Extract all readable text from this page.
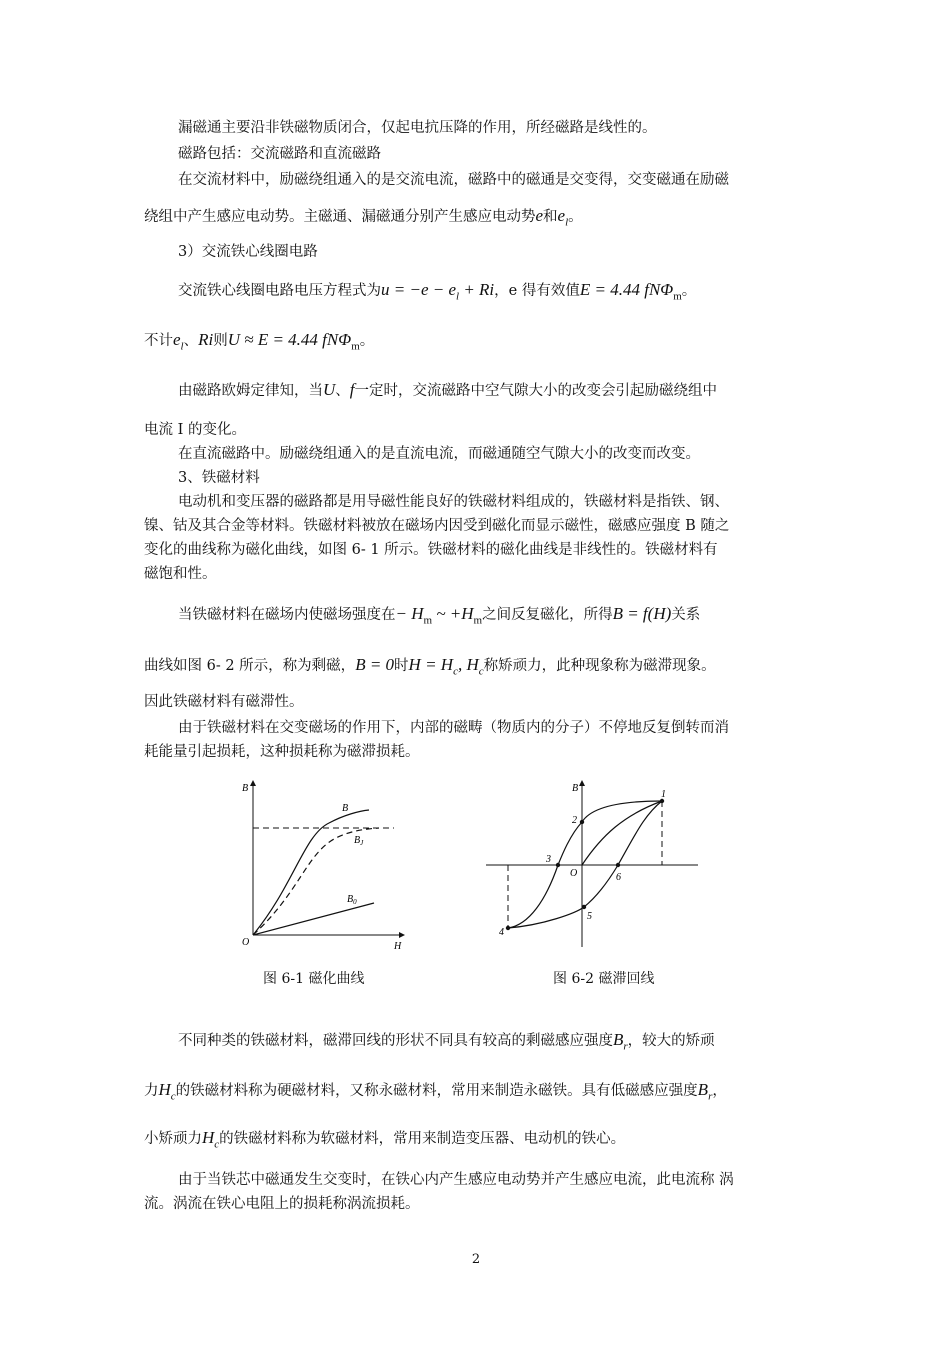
漏磁通主要沿非铁磁物质闭合，仅起电抗压降的作用，所经磁路是线性的。
磁路包括：交流磁路和直流磁路
在交流材料中，励磁绕组通入的是交流电流，磁路中的磁通是交变得，交变磁通在励磁
绕组中产生感应电动势。主磁通、漏磁通分别产生感应电动势e和$e_l$。
3）交流铁心线圈电路
交流铁心线圈电路电压方程式为$u = -e - e_l + Ri$，e 得有效值E = 4.44 fNΦ$_m$。
不计$e_l$、Ri则U ≈ E = 4.44 fNΦ$_m$。
由磁路欧姆定律知，当U、f一定时，交流磁路中空气隙大小的改变会引起励磁绕组中
电流 I 的变化。
在直流磁路中。励磁绕组通入的是直流电流，而磁通随空气隙大小的改变而改变。
3、铁磁材料
电动机和变压器的磁路都是用导磁性能良好的铁磁材料组成的，铁磁材料是指铁、钢、
镍、钴及其合金等材料。铁磁材料被放在磁场内因受到磁化而显示磁性，磁感应强度 B 随之
变化的曲线称为磁化曲线，如图 6- 1 所示。铁磁材料的磁化曲线是非线性的。铁磁材料有
磁饱和性。
当铁磁材料在磁场内使磁场强度在− $H_m$ ~ $+H_m$之间反复磁化，所得B = f(H)关系
曲线如图 6- 2 所示，称为剩磁，B = 0时$H = H_c$, $H_c$称矫顽力，此种现象称为磁滞现象。
因此铁磁材料有磁滞性。
由于铁磁材料在交变磁场的作用下，内部的磁畴（物质内的分子）不停地反复倒转而消
耗能量引起损耗，这种损耗称为磁滞损耗。
B
H
O
B
$B_J$
$B_0$
图 6-1 磁化曲线
B
O
1
2
3
4
5
6
图 6-2 磁滞回线
不同种类的铁磁材料，磁滞回线的形状不同具有较高的剩磁感应强度$B_r$，较大的矫顽
力$H_c$的铁磁材料称为硬磁材料，又称永磁材料，常用来制造永磁铁。具有低磁感应强度$B_r$，
小矫顽力$H_c$的铁磁材料称为软磁材料，常用来制造变压器、电动机的铁心。
由于当铁芯中磁通发生交变时，在铁心内产生感应电动势并产生感应电流，此电流称 涡
流。涡流在铁心电阻上的损耗称涡流损耗。
2
